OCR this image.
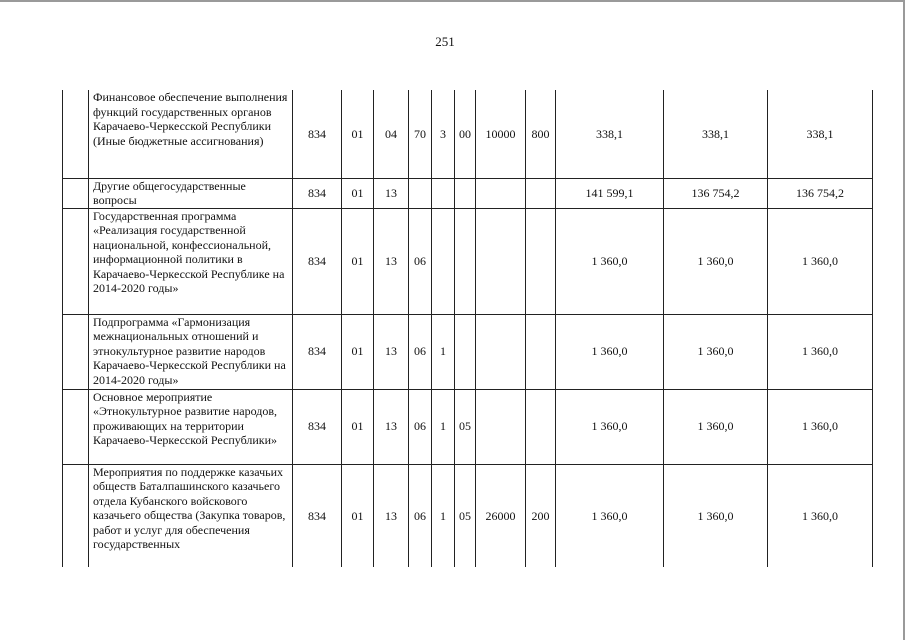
251
	Финансовое обеспечение выполнения функций государственных органов Карачаево-Черкесской Республики (Иные бюджетные ассигнования)	834	01	04	70	3	00	10000	800	338,1	338,1	338,1
	Другие общегосударственные вопросы	834	01	13						141 599,1	136 754,2	136 754,2
	Государственная программа «Реализация государственной национальной, конфессиональной, информационной политики в Карачаево-Черкесской Республике на 2014-2020 годы»	834	01	13	06					1 360,0	1 360,0	1 360,0
	Подпрограмма «Гармонизация межнациональных отношений и этнокультурное развитие народов Карачаево-Черкесской Республики на 2014-2020 годы»	834	01	13	06	1				1 360,0	1 360,0	1 360,0
	Основное мероприятие «Этнокультурное развитие народов, проживающих на территории Карачаево-Черкесской Республики»	834	01	13	06	1	05			1 360,0	1 360,0	1 360,0
	Мероприятия по поддержке казачьих обществ Баталпашинского казачьего отдела Кубанского войскового казачьего общества (Закупка товаров, работ и услуг для обеспечения государственных	834	01	13	06	1	05	26000	200	1 360,0	1 360,0	1 360,0
